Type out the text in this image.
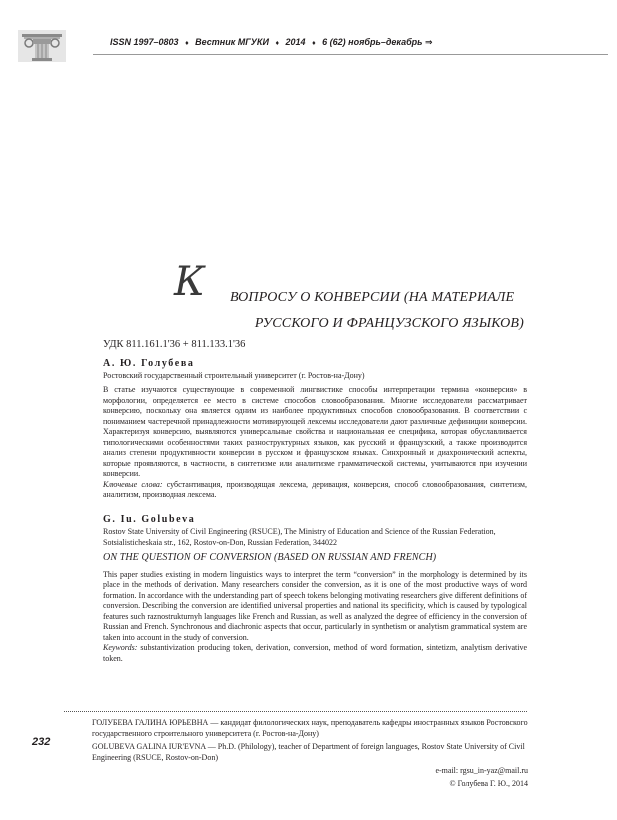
ISSN 1997–0803 ♦ Вестник МГУКИ ♦ 2014 ♦ 6 (62) ноябрь–декабрь ⇒
К ВОПРОСУ О КОНВЕРСИИ (НА МАТЕРИАЛЕ
РУССКОГО И ФРАНЦУЗСКОГО ЯЗЫКОВ)

УДК 811.161.1'36 + 811.133.1'36

А. Ю. Голубева

Ростовский государственный строительный университет (г. Ростов-на-Дону)

В статье изучаются существующие в современной лингвистике способы интерпретации термина «конверсия» в морфологии, определяется ее место в системе способов словообразования. Многие исследователи рассматривает конверсию, поскольку она является одним из наиболее продуктивных способов словообразования. В соответствии с пониманием частеречной принадлежности мотивирующей лексемы исследователи дают различные дефиниции конверсии. Характеризуя конверсию, выявляются универсальные свойства и национальная ее специфика, которая обуславливается типологическими особенностями таких разноструктурных языков, как русский и французский, а также производится анализ степени продуктивности конверсии в русском и французском языках. Синхронный и диахронический аспекты, которые проявляются, в частности, в синтетизме или аналитизме грамматической системы, учитываются при изучении конверсии.
Ключевые слова: субстантивация, производящая лексема, деривация, конверсия, способ словообразования, синтетизм, аналитизм, производная лексема.

G. Iu. Golubeva

Rostov State University of Civil Engineering (RSUCE), The Ministry of Education and Science of the Russian Federation, Sotsialisticheskaia str., 162, Rostov-on-Don, Russian Federation, 344022

ON THE QUESTION OF CONVERSION (BASED ON RUSSIAN AND FRENCH)

This paper studies existing in modern linguistics ways to interpret the term “conversion” in the morphology is determined by its place in the methods of derivation. Many researchers consider the conversion, as it is one of the most productive ways of word formation. In accordance with the understanding part of speech tokens belonging motivating researchers give different definitions of conversion. Describing the conversion are identified universal properties and national its specificity, which is caused by typological features such raznostrukturnyh languages like French and Russian, as well as analyzed the degree of efficiency in the conversion of Russian and French. Synchronous and diachronic aspects that occur, particularly in synthetism or analytism grammatical system are taken into account in the study of conversion.
Keywords: substantivization producing token, derivation, conversion, method of word formation, sintetizm, analytism derivative token.

232

ГОЛУБЕВА ГАЛИНА ЮРЬЕВНА — кандидат филологических наук, преподаватель кафедры иностранных языков Ростовского государственного строительного университета (г. Ростов-на-Дону)

GOLUBEVA GALINA IUR'EVNA — Ph.D. (Philology), teacher of Department of foreign languages, Rostov State University of Civil Engineering (RSUCE, Rostov-on-Don)

e-mail: rgsu_in-yaz@mail.ru

© Голубева Г. Ю., 2014
